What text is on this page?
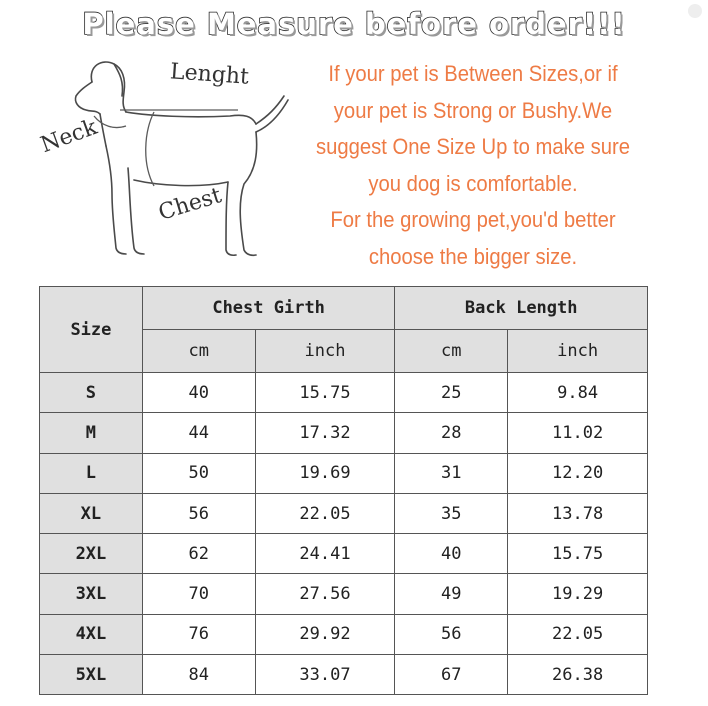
Please Measure before order!!!
Lenght
Neck
Chest

If your pet is Between Sizes,or if

your pet is Strong or Bushy.We

suggest One Size Up to make sure

you dog is comfortable.

For the growing pet,you'd better

choose the bigger size.

Size	Chest Girth		Back Length	
	cm	inch	cm	inch
S	40	15.75	25	9.84
M	44	17.32	28	11.02
L	50	19.69	31	12.20
XL	56	22.05	35	13.78
2XL	62	24.41	40	15.75
3XL	70	27.56	49	19.29
4XL	76	29.92	56	22.05
5XL	84	33.07	67	26.38
